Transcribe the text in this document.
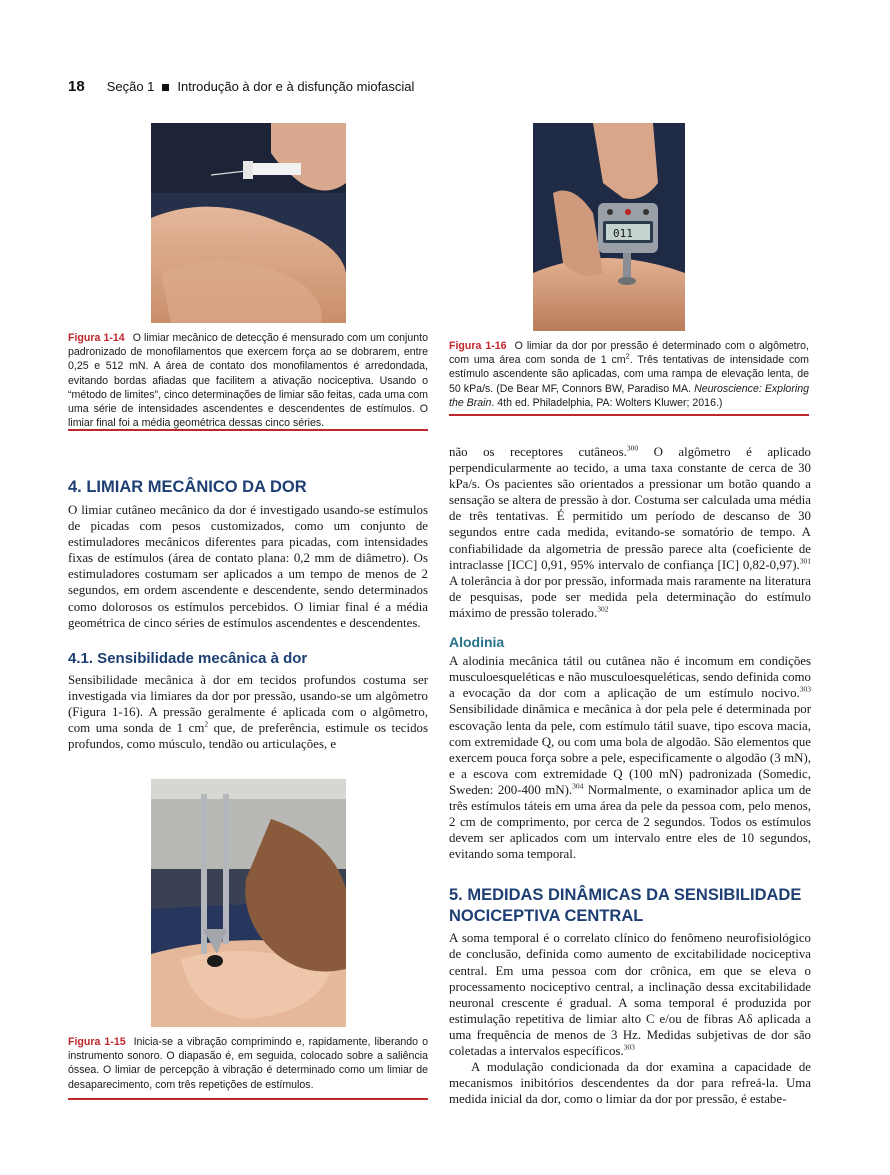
18 Seção 1 Introdução à dor e à disfunção miofascial
Figura 1-14 O limiar mecânico de detecção é mensurado com um conjunto padronizado de monofilamentos que exercem força ao se dobrarem, entre 0,25 e 512 mN. A área de contato dos monofilamentos é arredondada, evitando bordas afiadas que facilitem a ativação nociceptiva. Usando o “método de limites”, cinco determinações de limiar são feitas, cada uma com uma série de intensidades ascendentes e descendentes de estímulos. O limiar final foi a média geométrica dessas cinco séries.
011
Figura 1-16 O limiar da dor por pressão é determinado com o algômetro, com uma área com sonda de 1 $cm^2$. Três tentativas de intensidade com estímulo ascendente são aplicadas, com uma rampa de elevação lenta, de 50 kPa/s. (De Bear MF, Connors BW, Paradiso MA. Neuroscience: Exploring the Brain. 4th ed. Philadelphia, PA: Wolters Kluwer; 2016.)
4. LIMIAR MECÂNICO DA DOR

O limiar cutâneo mecânico da dor é investigado usando-se estímulos de picadas com pesos customizados, como um conjunto de estimuladores mecânicos diferentes para picadas, com intensidades fixas de estímulos (área de contato plana: 0,2 mm de diâmetro). Os estimuladores costumam ser aplicados a um tempo de menos de 2 segundos, em ordem ascendente e descendente, sendo determinados como dolorosos os estímulos percebidos. O limiar final é a média geométrica de cinco séries de estímulos ascendentes e descendentes.

4.1. Sensibilidade mecânica à dor

Sensibilidade mecânica à dor em tecidos profundos costuma ser investigada via limiares da dor por pressão, usando-se um algômetro (Figura 1-16). A pressão geralmente é aplicada com o algômetro, com uma sonda de 1 $cm^2$ que, de preferência, estimule os tecidos profundos, como músculo, tendão ou articulações, e

Figura 1-15 Inicia-se a vibração comprimindo e, rapidamente, liberando o instrumento sonoro. O diapasão é, em seguida, colocado sobre a saliência óssea. O limiar de percepção à vibração é determinado como um limiar de desaparecimento, com três repetições de estímulos.

não os receptores cutâneos.$^{300}$ O algômetro é aplicado perpendicularmente ao tecido, a uma taxa constante de cerca de 30 kPa/s. Os pacientes são orientados a pressionar um botão quando a sensação se altera de pressão à dor. Costuma ser calculada uma média de três tentativas. É permitido um período de descanso de 30 segundos entre cada medida, evitando-se somatório de tempo. A confiabilidade da algometria de pressão parece alta (coeficiente de intraclasse [ICC] 0,91, 95% intervalo de confiança [IC] 0,82-0,97).$^{301}$ A tolerância à dor por pressão, informada mais raramente na literatura de pesquisas, pode ser medida pela determinação do estímulo máximo de pressão tolerado.$^{302}$

Alodinia

A alodinia mecânica tátil ou cutânea não é incomum em condições musculoesqueléticas e não musculoesqueléticas, sendo definida como a evocação da dor com a aplicação de um estímulo nocivo.$^{303}$ Sensibilidade dinâmica e mecânica à dor pela pele é determinada por escovação lenta da pele, com estímulo tátil suave, tipo escova macia, com extremidade Q, ou com uma bola de algodão. São elementos que exercem pouca força sobre a pele, especificamente o algodão (3 mN), e a escova com extremidade Q (100 mN) padronizada (Somedic, Sweden: 200-400 mN).$^{304}$ Normalmente, o examinador aplica um de três estímulos táteis em uma área da pele da pessoa com, pelo menos, 2 cm de comprimento, por cerca de 2 segundos. Todos os estímulos devem ser aplicados com um intervalo entre eles de 10 segundos, evitando soma temporal.

5. MEDIDAS DINÂMICAS DA SENSIBILIDADE
NOCICEPTIVA CENTRAL

A soma temporal é o correlato clínico do fenômeno neurofisiológico de conclusão, definida como aumento de excitabilidade nociceptiva central. Em uma pessoa com dor crônica, em que se eleva o processamento nociceptivo central, a inclinação dessa excitabilidade neuronal crescente é gradual. A soma temporal é produzida por estimulação repetitiva de limiar alto C e/ou de fibras Aδ aplicada a uma frequência de menos de 3 Hz. Medidas subjetivas de dor são coletadas a intervalos específicos.$^{303}$

A modulação condicionada da dor examina a capacidade de mecanismos inibitórios descendentes da dor para refreá-la. Uma medida inicial da dor, como o limiar da dor por pressão, é estabe-
